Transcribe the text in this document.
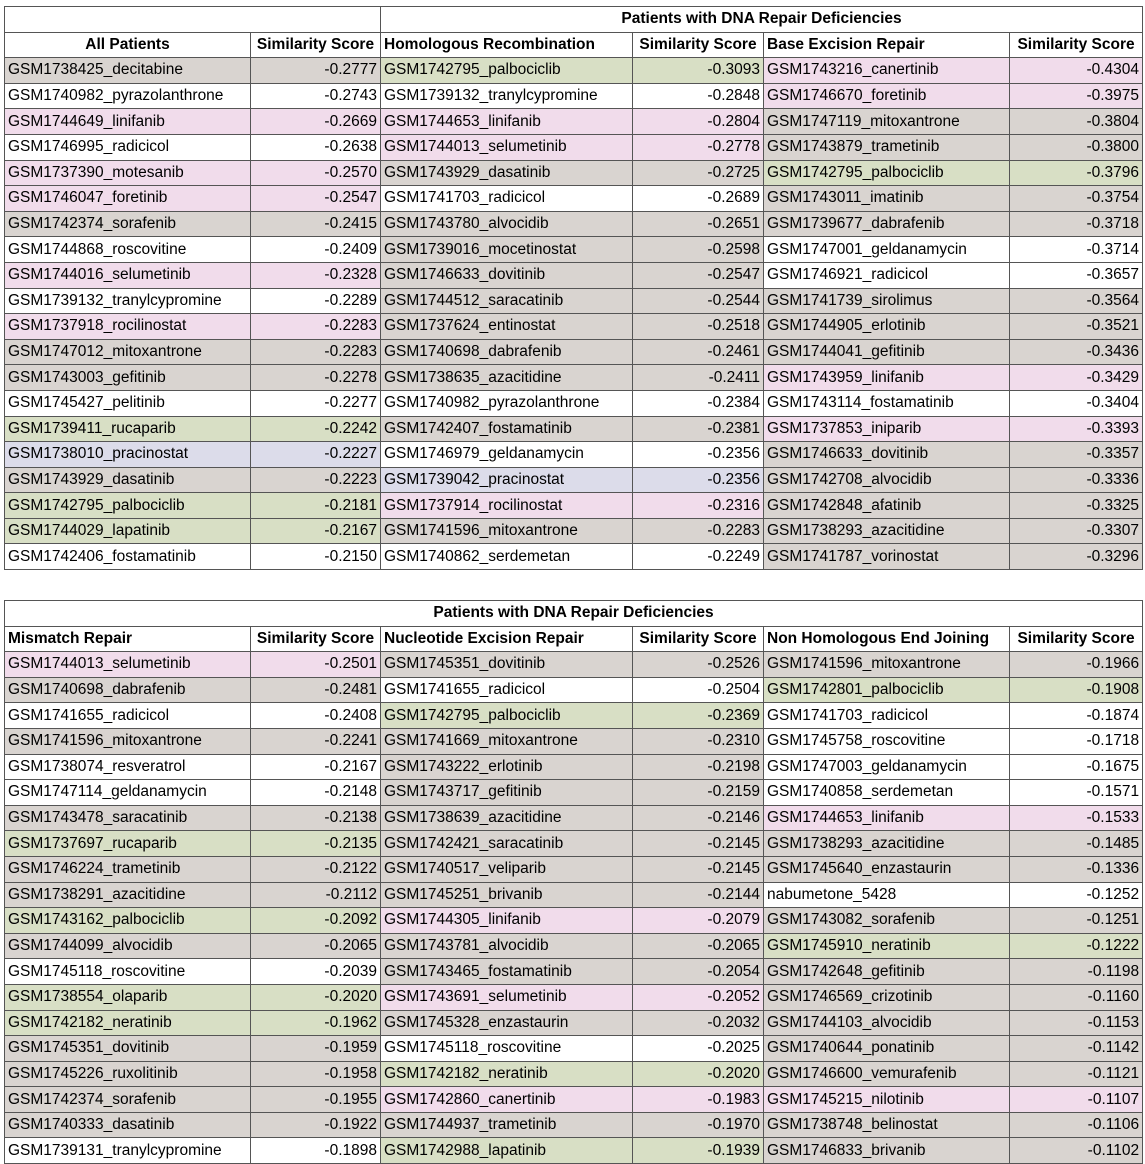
		Patients with DNA Repair Deficiencies			
All Patients	Similarity Score	Homologous Recombination	Similarity Score	Base Excision Repair	Similarity Score
GSM1738425_decitabine	-0.2777	GSM1742795_palbociclib	-0.3093	GSM1743216_canertinib	-0.4304
GSM1740982_pyrazolanthrone	-0.2743	GSM1739132_tranylcypromine	-0.2848	GSM1746670_foretinib	-0.3975
GSM1744649_linifanib	-0.2669	GSM1744653_linifanib	-0.2804	GSM1747119_mitoxantrone	-0.3804
GSM1746995_radicicol	-0.2638	GSM1744013_selumetinib	-0.2778	GSM1743879_trametinib	-0.3800
GSM1737390_motesanib	-0.2570	GSM1743929_dasatinib	-0.2725	GSM1742795_palbociclib	-0.3796
GSM1746047_foretinib	-0.2547	GSM1741703_radicicol	-0.2689	GSM1743011_imatinib	-0.3754
GSM1742374_sorafenib	-0.2415	GSM1743780_alvocidib	-0.2651	GSM1739677_dabrafenib	-0.3718
GSM1744868_roscovitine	-0.2409	GSM1739016_mocetinostat	-0.2598	GSM1747001_geldanamycin	-0.3714
GSM1744016_selumetinib	-0.2328	GSM1746633_dovitinib	-0.2547	GSM1746921_radicicol	-0.3657
GSM1739132_tranylcypromine	-0.2289	GSM1744512_saracatinib	-0.2544	GSM1741739_sirolimus	-0.3564
GSM1737918_rocilinostat	-0.2283	GSM1737624_entinostat	-0.2518	GSM1744905_erlotinib	-0.3521
GSM1747012_mitoxantrone	-0.2283	GSM1740698_dabrafenib	-0.2461	GSM1744041_gefitinib	-0.3436
GSM1743003_gefitinib	-0.2278	GSM1738635_azacitidine	-0.2411	GSM1743959_linifanib	-0.3429
GSM1745427_pelitinib	-0.2277	GSM1740982_pyrazolanthrone	-0.2384	GSM1743114_fostamatinib	-0.3404
GSM1739411_rucaparib	-0.2242	GSM1742407_fostamatinib	-0.2381	GSM1737853_iniparib	-0.3393
GSM1738010_pracinostat	-0.2227	GSM1746979_geldanamycin	-0.2356	GSM1746633_dovitinib	-0.3357
GSM1743929_dasatinib	-0.2223	GSM1739042_pracinostat	-0.2356	GSM1742708_alvocidib	-0.3336
GSM1742795_palbociclib	-0.2181	GSM1737914_rocilinostat	-0.2316	GSM1742848_afatinib	-0.3325
GSM1744029_lapatinib	-0.2167	GSM1741596_mitoxantrone	-0.2283	GSM1738293_azacitidine	-0.3307
GSM1742406_fostamatinib	-0.2150	GSM1740862_serdemetan	-0.2249	GSM1741787_vorinostat	-0.3296
Patients with DNA Repair Deficiencies					
Mismatch Repair	Similarity Score	Nucleotide Excision Repair	Similarity Score	Non Homologous End Joining	Similarity Score
GSM1744013_selumetinib	-0.2501	GSM1745351_dovitinib	-0.2526	GSM1741596_mitoxantrone	-0.1966
GSM1740698_dabrafenib	-0.2481	GSM1741655_radicicol	-0.2504	GSM1742801_palbociclib	-0.1908
GSM1741655_radicicol	-0.2408	GSM1742795_palbociclib	-0.2369	GSM1741703_radicicol	-0.1874
GSM1741596_mitoxantrone	-0.2241	GSM1741669_mitoxantrone	-0.2310	GSM1745758_roscovitine	-0.1718
GSM1738074_resveratrol	-0.2167	GSM1743222_erlotinib	-0.2198	GSM1747003_geldanamycin	-0.1675
GSM1747114_geldanamycin	-0.2148	GSM1743717_gefitinib	-0.2159	GSM1740858_serdemetan	-0.1571
GSM1743478_saracatinib	-0.2138	GSM1738639_azacitidine	-0.2146	GSM1744653_linifanib	-0.1533
GSM1737697_rucaparib	-0.2135	GSM1742421_saracatinib	-0.2145	GSM1738293_azacitidine	-0.1485
GSM1746224_trametinib	-0.2122	GSM1740517_veliparib	-0.2145	GSM1745640_enzastaurin	-0.1336
GSM1738291_azacitidine	-0.2112	GSM1745251_brivanib	-0.2144	nabumetone_5428	-0.1252
GSM1743162_palbociclib	-0.2092	GSM1744305_linifanib	-0.2079	GSM1743082_sorafenib	-0.1251
GSM1744099_alvocidib	-0.2065	GSM1743781_alvocidib	-0.2065	GSM1745910_neratinib	-0.1222
GSM1745118_roscovitine	-0.2039	GSM1743465_fostamatinib	-0.2054	GSM1742648_gefitinib	-0.1198
GSM1738554_olaparib	-0.2020	GSM1743691_selumetinib	-0.2052	GSM1746569_crizotinib	-0.1160
GSM1742182_neratinib	-0.1962	GSM1745328_enzastaurin	-0.2032	GSM1744103_alvocidib	-0.1153
GSM1745351_dovitinib	-0.1959	GSM1745118_roscovitine	-0.2025	GSM1740644_ponatinib	-0.1142
GSM1745226_ruxolitinib	-0.1958	GSM1742182_neratinib	-0.2020	GSM1746600_vemurafenib	-0.1121
GSM1742374_sorafenib	-0.1955	GSM1742860_canertinib	-0.1983	GSM1745215_nilotinib	-0.1107
GSM1740333_dasatinib	-0.1922	GSM1744937_trametinib	-0.1970	GSM1738748_belinostat	-0.1106
GSM1739131_tranylcypromine	-0.1898	GSM1742988_lapatinib	-0.1939	GSM1746833_brivanib	-0.1102
